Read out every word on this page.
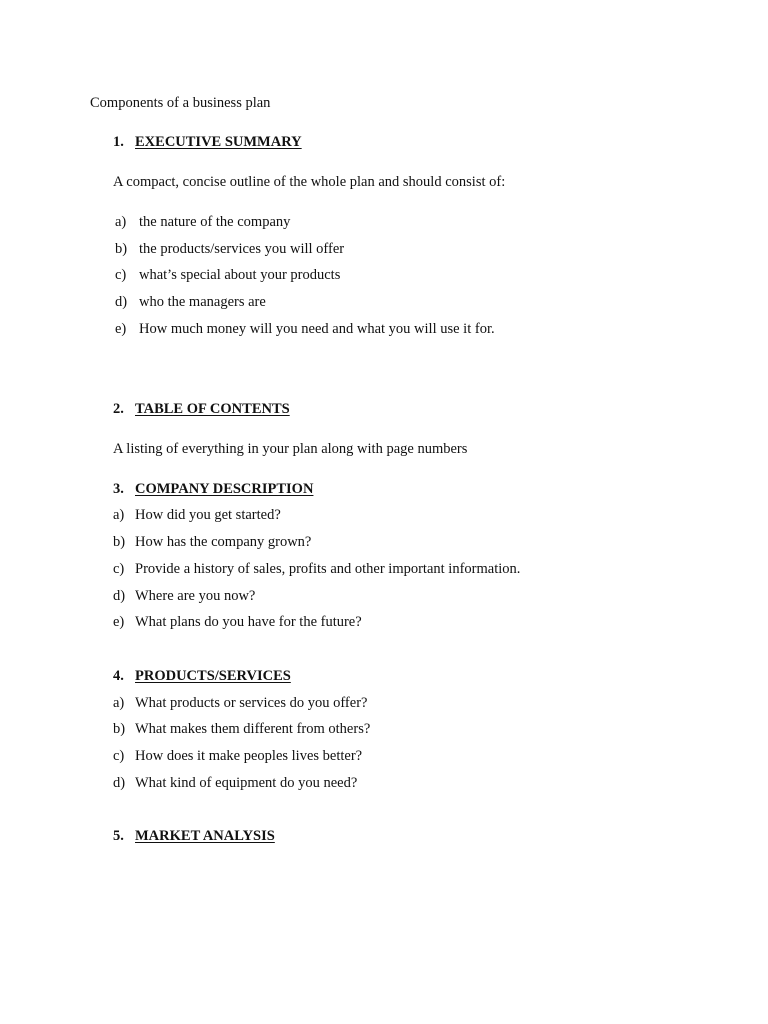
Components of a business plan
1. EXECUTIVE SUMMARY
A compact, concise outline of the whole plan and should consist of:
a) the nature of the company
b) the products/services you will offer
c) what’s special about your products
d) who the managers are
e) How much money will you need and what you will use it for.
2. TABLE OF CONTENTS
A listing of everything in your plan along with page numbers
3. COMPANY DESCRIPTION
a) How did you get started?
b) How has the company grown?
c) Provide a history of sales, profits and other important information.
d) Where are you now?
e) What plans do you have for the future?
4. PRODUCTS/SERVICES
a) What products or services do you offer?
b) What makes them different from others?
c) How does it make peoples lives better?
d) What kind of equipment do you need?
5. MARKET ANALYSIS
